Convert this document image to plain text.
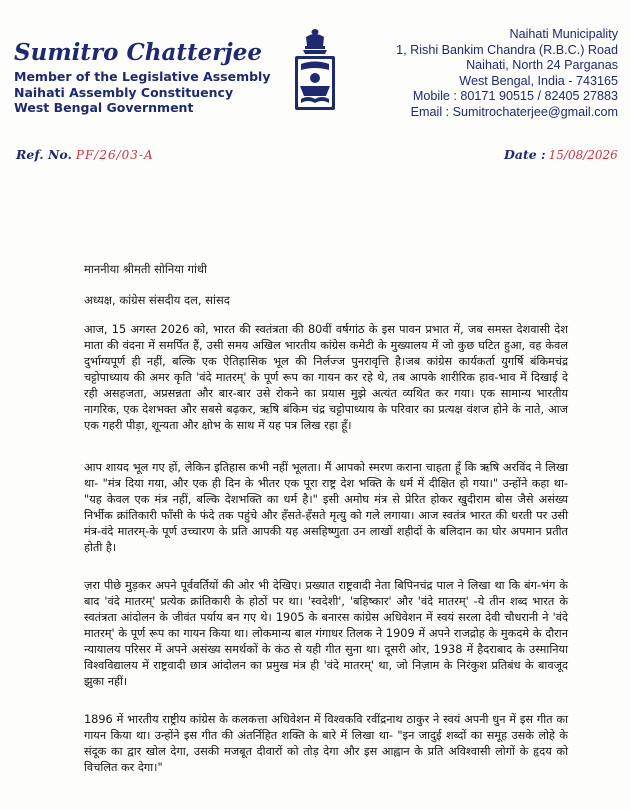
Sumitro Chatterjee
Member of the Legislative Assembly
Naihati Assembly Constituency
West Bengal Government
Naihati Municipality
1, Rishi Bankim Chandra (R.B.C.) Road
Naihati, North 24 Parganas
West Bengal, India - 743165
Mobile : 80171 90515 / 82405 27883
Email : Sumitrochaterjee@gmail.com
Ref. No. PF/26/03-A	Date : 15/08/2026
माननीया श्रीमती सोनिया गांधी
अध्यक्ष, कांग्रेस संसदीय दल, सांसद
आज, 15 अगस्त 2026 को, भारत की स्वतंत्रता की 80वीं वर्षगांठ के इस पावन प्रभात में, जब समस्त देशवासी देश माता की वंदना में समर्पित हैं, उसी समय अखिल भारतीय कांग्रेस कमेटी के मुख्यालय में जो कुछ घटित हुआ, वह केवल दुर्भाग्यपूर्ण ही नहीं, बल्कि एक ऐतिहासिक भूल की निर्लज्ज पुनरावृत्ति है।जब कांग्रेस कार्यकर्ता युगर्षि बंकिमचंद्र चट्टोपाध्याय की अमर कृति 'वंदे मातरम्' के पूर्ण रूप का गायन कर रहे थे, तब आपके शारीरिक हाव-भाव में दिखाई दे रही असहजता, अप्रसन्नता और बार-बार उसे रोकने का प्रयास मुझे अत्यंत व्यथित कर गया। एक सामान्य भारतीय नागरिक, एक देशभक्त और सबसे बढ़कर, ऋषि बंकिम चंद्र चट्टोपाध्याय के परिवार का प्रत्यक्ष वंशज होने के नाते, आज एक गहरी पीड़ा, शून्यता और क्षोभ के साथ में यह पत्र लिख रहा हूँ।
आप शायद भूल गए हों, लेकिन इतिहास कभी नहीं भूलता। मैं आपको स्मरण कराना चाहता हूँ कि ऋषि अरविंद ने लिखा था- "मंत्र दिया गया, और एक ही दिन के भीतर एक पूरा राष्ट्र देश भक्ति के धर्म में दीक्षित हो गया।" उन्होंने कहा था- "यह केवल एक मंत्र नहीं, बल्कि देशभक्ति का धर्म है।" इसी अमोघ मंत्र से प्रेरित होकर खुदीराम बोस जैसे असंख्य निर्भीक क्रांतिकारी फाँसी के फंदे तक पहुंचे और हँसते-हँसते मृत्यु को गले लगाया। आज स्वतंत्र भारत की धरती पर उसी मंत्र-वंदे मातरम्-के पूर्ण उच्चारण के प्रति आपकी यह असहिष्णुता उन लाखों शहीदों के बलिदान का घोर अपमान प्रतीत होती है।
ज़रा पीछे मुड़कर अपने पूर्ववर्तियों की ओर भी देखिए। प्रख्यात राष्ट्रवादी नेता बिपिनचंद्र पाल ने लिखा था कि बंग-भंग के बाद 'वंदे मातरम्' प्रत्येक क्रांतिकारी के होठों पर था। 'स्वदेशी', 'बहिष्कार' और 'वंदे मातरम्' -ये तीन शब्द भारत के स्वतंत्रता आंदोलन के जीवंत पर्याय बन गए थे। 1905 के बनारस कांग्रेस अधिवेशन में स्वयं सरला देवी चौधरानी ने 'वंदे मातरम्' के पूर्ण रूप का गायन किया था। लोकमान्य बाल गंगाधर तिलक ने 1909 में अपने राजद्रोह के मुकदमे के दौरान न्यायालय परिसर में अपने असंख्य समर्थकों के कंठ से यही गीत सुना था। दूसरी ओर, 1938 में हैदराबाद के उस्मानिया विश्वविद्यालय में राष्ट्रवादी छात्र आंदोलन का प्रमुख मंत्र ही 'वंदे मातरम्' था, जो निज़ाम के निरंकुश प्रतिबंध के बावजूद झुका नहीं।
1896 में भारतीय राष्ट्रीय कांग्रेस के कलकत्ता अधिवेशन में विश्वकवि रवींद्रनाथ ठाकुर ने स्वयं अपनी धुन में इस गीत का गायन किया था। उन्होंने इस गीत की अंतर्निहित शक्ति के बारे में लिखा था- "इन जादुई शब्दों का समूह उसके लोहे के संदूक का द्वार खोल देगा, उसकी मजबूत दीवारों को तोड़ देगा और इस आह्वान के प्रति अविश्वासी लोगों के हृदय को विचलित कर देगा।"
